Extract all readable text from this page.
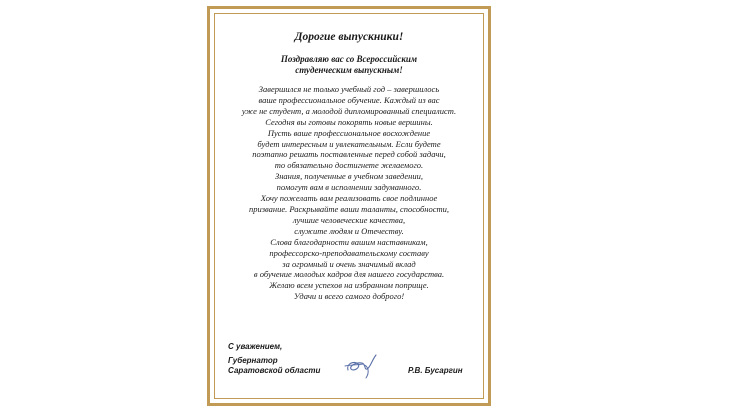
Дорогие выпускники!
Поздравляю вас со Всероссийским
студенческим выпускным!
Завершился не только учебный год – завершилось
ваше профессиональное обучение. Каждый из вас
уже не студент, а молодой дипломированный специалист.
Сегодня вы готовы покорять новые вершины.
Пусть ваше профессиональное восхождение
будет интересным и увлекательным. Если будете
поэтапно решать поставленные перед собой задачи,
то обязательно достигнете желаемого.
Знания, полученные в учебном заведении,
помогут вам в исполнении задуманного.
Хочу пожелать вам реализовать свое подлинное
призвание. Раскрывайте ваши таланты, способности,
лучшие человеческие качества,
служите людям и Отечеству.
Слова благодарности вашим наставникам,
профессорско-преподавательскому составу
за огромный и очень значимый вклад
в обучение молодых кадров для нашего государства.
Желаю всем успехов на избранном поприще.
Удачи и всего самого доброго!
С уважением,
Губернатор
Саратовской области	Р.В. Бусаргин
